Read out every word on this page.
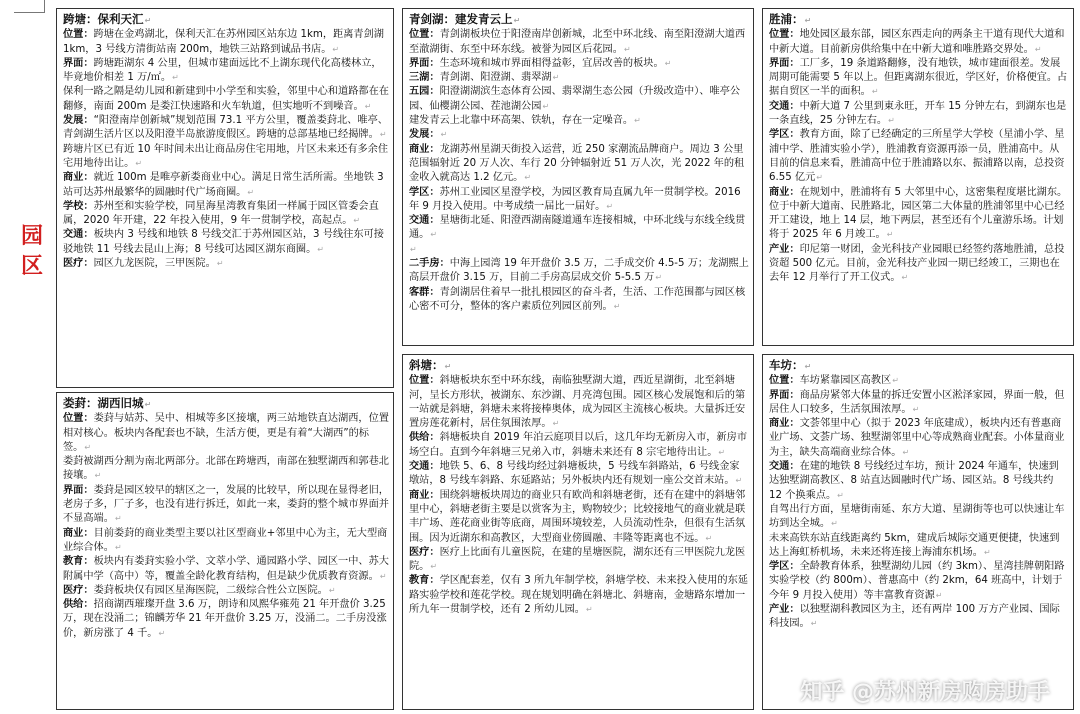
园区

跨塘：保利天汇↵

位置：跨塘在金鸡湖北，保利天汇在苏州园区站东边 1km，距离青剑湖 1km，3 号线方清街站南 200m，地铁三站路到诚品书店。↵

界面：跨塘距湖东 4 公里，但城市建面远比不上湖东现代化高楼林立，毕竟地价相差 1 万/㎡。↵

保利一路之隔是幼儿园和新建到中小学至和实验，邻里中心和道路都在在翻修，南面 200m 是娄江快速路和火车轨道，但实地听不到噪音。↵

发展：“阳澄南岸创新城”规划范围 73.1 平方公里，覆盖娄葑北、唯亭、青剑湖生活片区以及阳澄半岛旅游度假区。跨塘的总部基地已经揭牌。↵

跨塘片区已有近 10 年时间未出让商品房住宅用地，片区未来还有多余住宅用地待出让。↵

商业：就近 100m 是唯亭新娄商业中心。满足日常生活所需。坐地铁 3 站可达苏州最繁华的圆融时代广场商圈。↵

学校：苏州至和实验学校，同星海星湾教育集团一样属于园区管委会直属，2020 年开建，22 年投入使用，9 年一贯制学校，高起点。↵

交通：板块内 3 号线和地铁 8 号线交汇于苏州园区站，3 号线往东可接驳地铁 11 号线去昆山上海；8 号线可达园区湖东商圈。↵

医疗：园区九龙医院，三甲医院。↵

娄葑：湖西旧城↵

位置：娄葑与姑苏、吴中、相城等多区接壤，两三站地铁直达湖西，位置相对核心。板块内各配套也不缺，生活方便，更是有着“大湖西”的标签。↵

娄葑被湖西分割为南北两部分。北部在跨塘西，南部在独墅湖西和郭巷北接壤。↵

界面：娄葑是园区较早的辖区之一，发展的比较早，所以现在显得老旧，老房子多，厂子多，也没有进行拆迁，如此一来，娄葑的整个城市界面并不显高端。↵

商业：目前娄葑的商业类型主要以社区型商业+邻里中心为主，无大型商业综合体。↵

教育：板块内有娄葑实验小学、文萃小学、通园路小学、园区一中、苏大附属中学（高中）等，覆盖全龄化教育结构，但是缺少优质教育资源。↵

医疗：娄葑板块仅有园区星海医院，二级综合性公立医院。↵

供给：招商湖西璀璨开盘 3.6 万，朗诗和凤熙华雍苑 21 年开盘价 3.25 万，现在没涌二；锦麟芳华 21 年开盘价 3.25 万，没涌二。二手房没涨价，新房涨了 4 千。↵

青剑湖：建发青云上↵

位置：青剑湖板块位于阳澄南岸创新城，北至中环北线、南至阳澄湖大道西至澈湖街、东至中环东线。被誉为园区后花园。↵

界面：生态环境和城市界面相得益彰，宜居改善的板块。↵

三湖：青剑湖、阳澄湖、翡翠湖↵

五园：阳澄湖湖滨生态体育公园、翡翠湖生态公园（升级改造中）、唯亭公园、仙樱湖公园、茬池湖公园↵

建发青云上北靠中环高架、铁轨，存在一定噪音。↵

发展：↵

商业：龙湖苏州星湖天街投入运营，近 250 家潮流品牌商户。周边 3 公里范围辐射近 20 万人次、车行 20 分钟辐射近 51 万人次，光 2022 年的租金收入就高达 1.2 亿元。↵

学区：苏州工业园区星澄学校，为园区教育局直属九年一贯制学校。2016 年 9 月投入使用。中考成绩一届比一届好。↵

交通：星塘街北延、阳澄西湖南隧道通车连接相城，中环北线与东线全线贯通。↵

↵

二手房：中海上园湾 19 年开盘价 3.5 万，二手成交价 4.5-5 万；龙湖熙上高层开盘价 3.15 万，目前二手房高层成交价 5-5.5 万↵

客群：青剑湖居住着早一批扎根园区的奋斗者，生活、工作范围都与园区核心密不可分，整体的客户素质位列园区前列。↵

斜塘：↵

位置：斜塘板块东至中环东线，南临独墅湖大道，西近星湖街，北至斜塘河，呈长方形状，被湖东、东沙湖、月亮湾包围。园区核心发展饱和后的第一站就是斜塘，斜塘未来将接棒奥体，成为园区主流核心板块。大量拆迁安置房莲花新村，居住氛围浓厚。↵

供给：斜塘板块自 2019 年泊云庭项目以后，这几年均无新房入市，新房市场空白。直到今年斜塘三兄弟入市，斜塘未来还有 8 宗宅地待出让。↵

交通：地铁 5、6、8 号线均经过斜塘板块，5 号线车斜路站，6 号线金家墩站，8 号线车斜路、东延路站；另外板块内还有规划一座公交首末站。↵

商业：围绕斜塘板块周边的商业只有欧尚和斜塘老街，还有在建中的斜塘邻里中心，斜塘老街主要是以赏客为主，购物较少；比较接地气的商业就是联丰广场、莲花商业街等底商，周围环境较差，人员流动性杂，但很有生活氛围。因为近湖东和高教区，大型商业傍圆融、丰隆等距离也不远。↵

医疗：医疗上比面有儿童医院，在建的星塘医院，湖东还有三甲医院九龙医院。↵

教育：学区配套差，仅有 3 所九年制学校，斜塘学校、未来投入使用的东延路实验学校和莲花学校。现在规划明确在斜塘北、斜塘南，金塘路东增加一所九年一贯制学校，还有 2 所幼儿园。↵

胜浦：↵

位置：地处园区最东部，园区东西走向的两条主干道有现代大道和中新大道。目前新房供给集中在中新大道和唯胜路交界处。↵

界面：工厂多，19 条道路翻修，没有地铁，城市建面很差。发展周期可能需要 5 年以上。但距离湖东很近，学区好，价格便宜。占据自贸区一半的面积。↵

交通：中新大道 7 公里到東永旺，开车 15 分钟左右，到湖东也是一条直线，25 分钟左右。↵

学区：教育方面，除了已经确定的三所星学大学校（星浦小学、星浦中学、胜浦实验小学），胜浦教育资源再添一员，胜浦高中。从目前的信息来看，胜浦高中位于胜浦路以东、振浦路以南，总投资 6.55 亿元↵

商业：在规划中，胜浦将有 5 大邻里中心，这密集程度堪比湖东。位于中新大道南、民胜路北，园区第二大体量的胜浦邻里中心已经开工建设，地上 14 层，地下两层，甚至还有个儿童游乐场。计划将于 2025 年 6 月竣工。↵

产业：印尼第一财团，金光科技产业园眼已经签约落地胜浦，总投资超 500 亿元。目前，金光科技产业园一期已经竣工，三期也在去年 12 月举行了开工仪式。↵

车坊：↵

位置：车坊紧靠园区高教区↵

界面：商品房紧邻大体量的拆迁安置小区淞泽家园，界面一般，但居住人口较多，生活氛围浓厚。↵

商业：文荟邻里中心（拟于 2023 年底建成），板块内还有普惠商业广场、文荟广场、独墅湖邻里中心等成熟商业配套。小体量商业为主，缺失高端商业综合体。↵

交通：在建的地铁 8 号线经过车坊，预计 2024 年通车，快速到达独墅湖高教区、8 站直达圆融时代广场、园区站。8 号线共约 12 个换乘点。↵

自驾出行方面，星塘街南延、东方大道、星湖街等也可以快速让车坊到达全城。↵

未来高铁东站直线距离约 5km，建成后城际交通更便捷，快速到达上海虹桥机场，未来还将连接上海浦东机场。↵

学区：全龄教育体系，独墅湖幼儿园（约 3km）、星湾挂牌朝阳路实验学校（约 800m）、普惠高中（约 2km，64 班高中，计划于今年 9 月投入使用）等丰富教育资源↵

产业：以独墅湖科教园区为主，还有两岸 100 万方产业园、国际科技园。↵

知乎 @苏州新房购房助手
